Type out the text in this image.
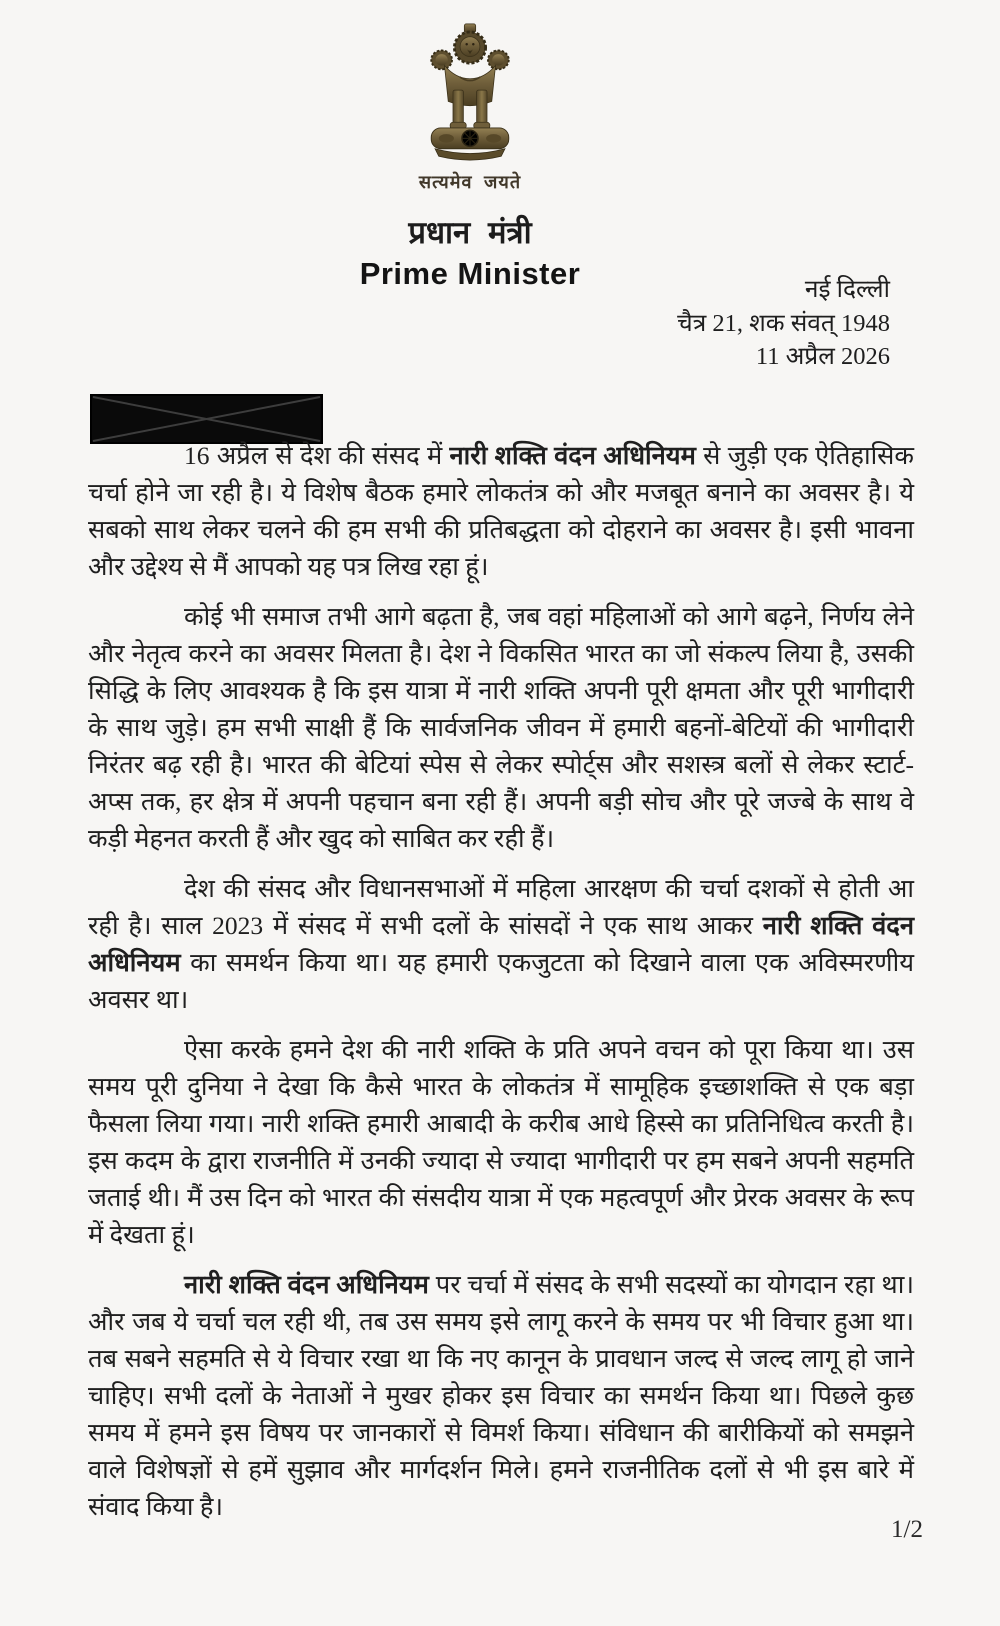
सत्यमेव जयते
प्रधान मंत्री
Prime Minister	नई दिल्ली
चैत्र 21, शक संवत् 1948
11 अप्रैल 2026

16 अप्रैल से देश की संसद में नारी शक्ति वंदन अधिनियम से जुड़ी एक ऐतिहासिक चर्चा होने जा रही है। ये विशेष बैठक हमारे लोकतंत्र को और मजबूत बनाने का अवसर है। ये सबको साथ लेकर चलने की हम सभी की प्रतिबद्धता को दोहराने का अवसर है। इसी भावना और उद्देश्य से मैं आपको यह पत्र लिख रहा हूं।

कोई भी समाज तभी आगे बढ़ता है, जब वहां महिलाओं को आगे बढ़ने, निर्णय लेने और नेतृत्व करने का अवसर मिलता है। देश ने विकसित भारत का जो संकल्प लिया है, उसकी सिद्धि के लिए आवश्यक है कि इस यात्रा में नारी शक्ति अपनी पूरी क्षमता और पूरी भागीदारी के साथ जुड़े। हम सभी साक्षी हैं कि सार्वजनिक जीवन में हमारी बहनों-बेटियों की भागीदारी निरंतर बढ़ रही है। भारत की बेटियां स्पेस से लेकर स्पोर्ट्स और सशस्त्र बलों से लेकर स्टार्ट-अप्स तक, हर क्षेत्र में अपनी पहचान बना रही हैं। अपनी बड़ी सोच और पूरे जज्बे के साथ वे कड़ी मेहनत करती हैं और खुद को साबित कर रही हैं।

देश की संसद और विधानसभाओं में महिला आरक्षण की चर्चा दशकों से होती आ रही है। साल 2023 में संसद में सभी दलों के सांसदों ने एक साथ आकर नारी शक्ति वंदन अधिनियम का समर्थन किया था। यह हमारी एकजुटता को दिखाने वाला एक अविस्मरणीय अवसर था।

ऐसा करके हमने देश की नारी शक्ति के प्रति अपने वचन को पूरा किया था। उस समय पूरी दुनिया ने देखा कि कैसे भारत के लोकतंत्र में सामूहिक इच्छाशक्ति से एक बड़ा फैसला लिया गया। नारी शक्ति हमारी आबादी के करीब आधे हिस्से का प्रतिनिधित्व करती है। इस कदम के द्वारा राजनीति में उनकी ज्यादा से ज्यादा भागीदारी पर हम सबने अपनी सहमति जताई थी। मैं उस दिन को भारत की संसदीय यात्रा में एक महत्वपूर्ण और प्रेरक अवसर के रूप में देखता हूं।

नारी शक्ति वंदन अधिनियम पर चर्चा में संसद के सभी सदस्यों का योगदान रहा था। और जब ये चर्चा चल रही थी, तब उस समय इसे लागू करने के समय पर भी विचार हुआ था। तब सबने सहमति से ये विचार रखा था कि नए कानून के प्रावधान जल्द से जल्द लागू हो जाने चाहिए। सभी दलों के नेताओं ने मुखर होकर इस विचार का समर्थन किया था। पिछले कुछ समय में हमने इस विषय पर जानकारों से विमर्श किया। संविधान की बारीकियों को समझने वाले विशेषज्ञों से हमें सुझाव और मार्गदर्शन मिले। हमने राजनीतिक दलों से भी इस बारे में संवाद किया है।

1/2
